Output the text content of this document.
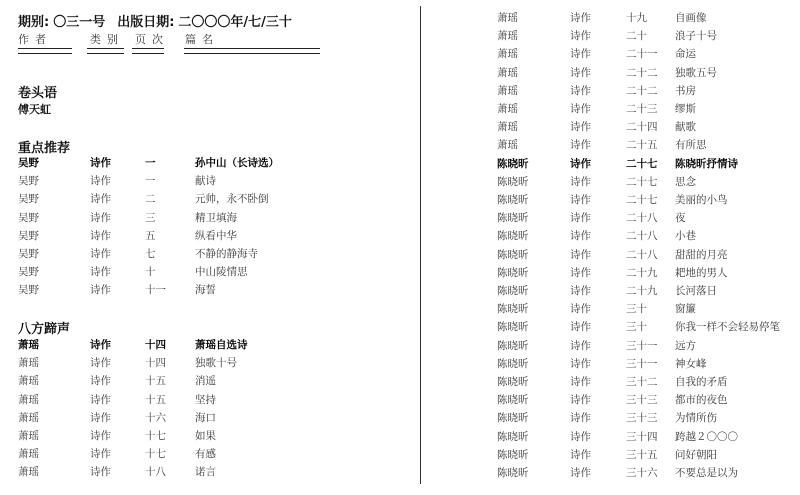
期别: 〇三一号 出版日期: 二〇〇〇年/七/三十
作者	类别 页次 篇名
卷头语
傅天虹
重点推荐
吴野	诗作	一	孙中山（长诗选）
吴野	诗作	一	献诗
吴野	诗作	二	元帅，永不卧倒
吴野	诗作	三	精卫填海
吴野	诗作	五	纵看中华
吴野	诗作	七	不静的静海寺
吴野	诗作	十	中山陵情思
吴野	诗作	十一	海誓
八方蹄声
萧瑶	诗作	十四	萧瑶自选诗
萧瑶	诗作	十四	独歌十号
萧瑶	诗作	十五	消遥
萧瑶	诗作	十五	坚持
萧瑶	诗作	十六	海口
萧瑶	诗作	十七	如果
萧瑶	诗作	十七	有感
萧瑶	诗作	十八	诺言
萧瑶	诗作	十九	自画像
萧瑶	诗作	二十	浪子十号
萧瑶	诗作	二十一 命运
萧瑶	诗作	二十二 独歌五号
萧瑶	诗作	二十二 书房
萧瑶	诗作	二十三 缪斯
萧瑶	诗作	二十四 献歌
萧瑶	诗作	二十五 有所思
陈晓昕	诗作	二十七 陈晓昕抒情诗
陈晓昕	诗作	二十七 思念
陈晓昕	诗作	二十七 美丽的小鸟
陈晓昕	诗作	二十八 夜
陈晓昕	诗作	二十八 小巷
陈晓昕	诗作	二十八 甜甜的月亮
陈晓昕	诗作	二十九 耙地的男人
陈晓昕	诗作	二十九 长河落日
陈晓昕	诗作	三十	窗簾
陈晓昕	诗作	三十	你我一样不会轻易停笔
陈晓昕	诗作	三十一 远方
陈晓昕	诗作	三十一 神女峰
陈晓昕	诗作	三十二 自我的矛盾
陈晓昕	诗作	三十三 都市的夜色
陈晓昕	诗作	三十三 为情所伤
陈晓昕	诗作	三十四 跨越２〇〇〇
陈晓昕	诗作	三十五 问好朝阳
陈晓昕	诗作	三十六 不要总是以为
